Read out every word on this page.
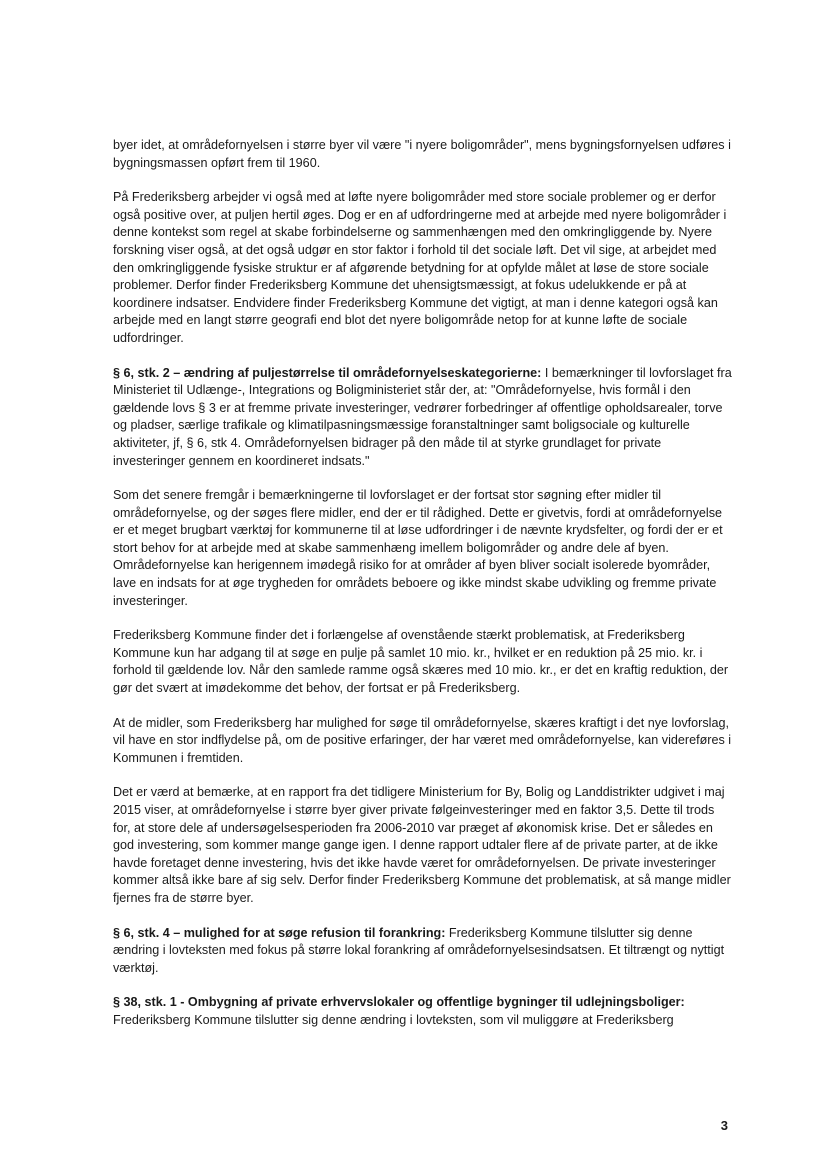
byer idet, at områdefornyelsen i større byer vil være "i nyere boligområder", mens bygningsfornyelsen udføres i bygningsmassen opført frem til 1960.

På Frederiksberg arbejder vi også med at løfte nyere boligområder med store sociale problemer og er derfor også positive over, at puljen hertil øges. Dog er en af udfordringerne med at arbejde med nyere boligområder i denne kontekst som regel at skabe forbindelserne og sammenhængen med den omkringliggende by. Nyere forskning viser også, at det også udgør en stor faktor i forhold til det sociale løft. Det vil sige, at arbejdet med den omkringliggende fysiske struktur er af afgørende betydning for at opfylde målet at løse de store sociale problemer. Derfor finder Frederiksberg Kommune det uhensigtsmæssigt, at fokus udelukkende er på at koordinere indsatser. Endvidere finder Frederiksberg Kommune det vigtigt, at man i denne kategori også kan arbejde med en langt større geografi end blot det nyere boligområde netop for at kunne løfte de sociale udfordringer.

§ 6, stk. 2 – ændring af puljestørrelse til områdefornyelseskategorierne: I bemærkninger til lovforslaget fra Ministeriet til Udlænge-, Integrations og Boligministeriet står der, at: "Områdefornyelse, hvis formål i den gældende lovs § 3 er at fremme private investeringer, vedrører forbedringer af offentlige opholdsarealer, torve og pladser, særlige trafikale og klimatilpasningsmæssige foranstaltninger samt boligsociale og kulturelle aktiviteter, jf, § 6, stk 4. Områdefornyelsen bidrager på den måde til at styrke grundlaget for private investeringer gennem en koordineret indsats."

Som det senere fremgår i bemærkningerne til lovforslaget er der fortsat stor søgning efter midler til områdefornyelse, og der søges flere midler, end der er til rådighed. Dette er givetvis, fordi at områdefornyelse er et meget brugbart værktøj for kommunerne til at løse udfordringer i de nævnte krydsfelter, og fordi der er et stort behov for at arbejde med at skabe sammenhæng imellem boligområder og andre dele af byen. Områdefornyelse kan herigennem imødegå risiko for at områder af byen bliver socialt isolerede byområder, lave en indsats for at øge trygheden for områdets beboere og ikke mindst skabe udvikling og fremme private investeringer.

Frederiksberg Kommune finder det i forlængelse af ovenstående stærkt problematisk, at Frederiksberg Kommune kun har adgang til at søge en pulje på samlet 10 mio. kr., hvilket er en reduktion på 25 mio. kr. i forhold til gældende lov. Når den samlede ramme også skæres med 10 mio. kr., er det en kraftig reduktion, der gør det svært at imødekomme det behov, der fortsat er på Frederiksberg.

At de midler, som Frederiksberg har mulighed for søge til områdefornyelse, skæres kraftigt i det nye lovforslag, vil have en stor indflydelse på, om de positive erfaringer, der har været med områdefornyelse, kan videreføres i Kommunen i fremtiden.

Det er værd at bemærke, at en rapport fra det tidligere Ministerium for By, Bolig og Landdistrikter udgivet i maj 2015 viser, at områdefornyelse i større byer giver private følgeinvesteringer med en faktor 3,5. Dette til trods for, at store dele af undersøgelsesperioden fra 2006-2010 var præget af økonomisk krise. Det er således en god investering, som kommer mange gange igen. I denne rapport udtaler flere af de private parter, at de ikke havde foretaget denne investering, hvis det ikke havde været for områdefornyelsen. De private investeringer kommer altså ikke bare af sig selv. Derfor finder Frederiksberg Kommune det problematisk, at så mange midler fjernes fra de større byer.

§ 6, stk. 4 – mulighed for at søge refusion til forankring: Frederiksberg Kommune tilslutter sig denne ændring i lovteksten med fokus på større lokal forankring af områdefornyelsesindsatsen. Et tiltrængt og nyttigt værktøj.

§ 38, stk. 1 - Ombygning af private erhvervslokaler og offentlige bygninger til udlejningsboliger: Frederiksberg Kommune tilslutter sig denne ændring i lovteksten, som vil muliggøre at Frederiksberg

3
